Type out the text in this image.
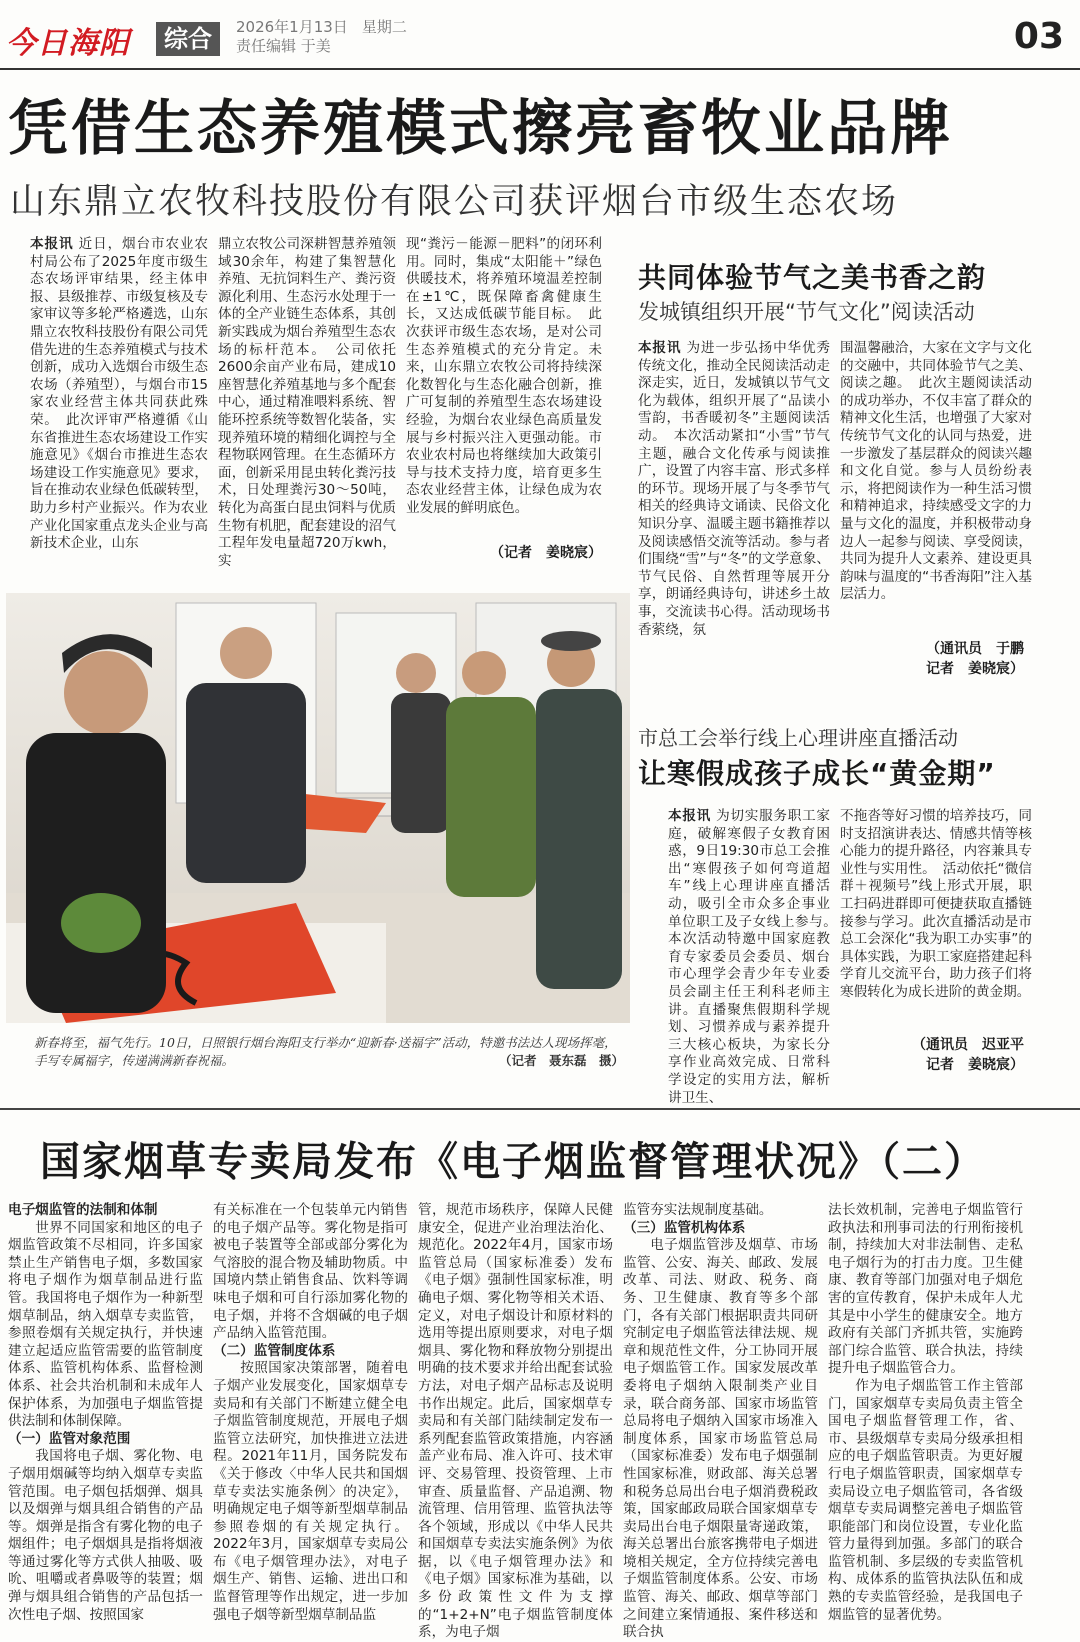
今日海阳	综合	2026年1月13日 星期二
责任编辑 于美	03
凭借生态养殖模式擦亮畜牧业品牌
山东鼎立农牧科技股份有限公司获评烟台市级生态农场
本报讯 近日，烟台市农业农村局公布了2025年度市级生态农场评审结果，经主体申报、县级推荐、市级复核及专家审议等多轮严格遴选，山东鼎立农牧科技股份有限公司凭借先进的生态养殖模式与技术创新，成功入选烟台市级生态农场（养殖型），与烟台市15家农业经营主体共同获此殊荣。　此次评审严格遵循《山东省推进生态农场建设工作实施意见》《烟台市推进生态农场建设工作实施意见》要求，旨在推动农业绿色低碳转型，助力乡村产业振兴。作为农业产业化国家重点龙头企业与高新技术企业，山东
鼎立农牧公司深耕智慧养殖领域30余年，构建了集智慧化养殖、无抗饲料生产、粪污资源化利用、生态污水处理于一体的全产业链生态体系，其创新实践成为烟台养殖型生态农场的标杆范本。　公司依托2600余亩产业布局，建成10座智慧化养殖基地与多个配套中心，通过精准喂料系统、智能环控系统等数智化装备，实现养殖环境的精细化调控与全程物联网管理。在生态循环方面，创新采用昆虫转化粪污技术，日处理粪污30～50吨，转化为高蛋白昆虫饲料与优质生物有机肥，配套建设的沼气工程年发电量超720万kwh，实
现“粪污－能源－肥料”的闭环利用。同时，集成“太阳能＋”绿色供暖技术，将养殖环境温差控制在±1℃，既保障畜禽健康生长，又达成低碳节能目标。　此次获评市级生态农场，是对公司生态养殖模式的充分肯定。未来，山东鼎立农牧公司将持续深化数智化与生态化融合创新，推广可复制的养殖型生态农场建设经验，为烟台农业绿色高质量发展与乡村振兴注入更强动能。市农业农村局也将继续加大政策引导与技术支持力度，培育更多生态农业经营主体，让绿色成为农业发展的鲜明底色。
（记者　姜晓宸）
共同体验节气之美书香之韵
发城镇组织开展“节气文化”阅读活动
本报讯 为进一步弘扬中华优秀传统文化，推动全民阅读活动走深走实，近日，发城镇以节气文化为载体，组织开展了“品读小雪韵，书香暖初冬”主题阅读活动。　本次活动紧扣“小雪”节气主题，融合文化传承与阅读推广，设置了内容丰富、形式多样的环节。现场开展了与冬季节气相关的经典诗文诵读、民俗文化知识分享、温暖主题书籍推荐以及阅读感悟交流等活动。参与者们围绕“雪”与“冬”的文学意象、节气民俗、自然哲理等展开分享，朗诵经典诗句，讲述乡土故事，交流读书心得。活动现场书香萦绕，氛
围温馨融洽，大家在文字与文化的交融中，共同体验节气之美、阅读之趣。　此次主题阅读活动的成功举办，不仅丰富了群众的精神文化生活，也增强了大家对传统节气文化的认同与热爱，进一步激发了基层群众的阅读兴趣和文化自觉。参与人员纷纷表示，将把阅读作为一种生活习惯和精神追求，持续感受文字的力量与文化的温度，并积极带动身边人一起参与阅读、享受阅读，共同为提升人文素养、建设更具韵味与温度的“书香海阳”注入基层活力。
（通讯员　于鹏
记者　姜晓宸）
市总工会举行线上心理讲座直播活动
让寒假成孩子成长“黄金期”
本报讯 为切实服务职工家庭，破解寒假子女教育困惑，9日19:30市总工会推出“寒假孩子如何弯道超车”线上心理讲座直播活动，吸引全市众多企事业单位职工及子女线上参与。　本次活动特邀中国家庭教育专家委员会委员、烟台市心理学会青少年专业委员会副主任王利科老师主讲。直播聚焦假期科学规划、习惯养成与素养提升三大核心板块，为家长分享作业高效完成、日常科学设定的实用方法，解析讲卫生、
不拖沓等好习惯的培养技巧，同时支招演讲表达、情感共情等核心能力的提升路径，内容兼具专业性与实用性。　活动依托“微信群＋视频号”线上形式开展，职工扫码进群即可便捷获取直播链接参与学习。此次直播活动是市总工会深化“我为职工办实事”的具体实践，为职工家庭搭建起科学育儿交流平台，助力孩子们将寒假转化为成长进阶的黄金期。
（通讯员　迟亚平
记者　姜晓宸）
新春将至，福气先行。10日，日照银行烟台海阳支行举办“迎新春·送福字”活动，特邀书法达人现场挥毫，手写专属福字，传递满满新春祝福。	（记者　聂东磊　摄）
国家烟草专卖局发布《电子烟监督管理状况》（二）
电子烟监管的法制和体制
世界不同国家和地区的电子烟监管政策不尽相同，许多国家禁止生产销售电子烟，多数国家将电子烟作为烟草制品进行监管。我国将电子烟作为一种新型烟草制品，纳入烟草专卖监管，参照卷烟有关规定执行，并快速建立起适应监管需要的监管制度体系、监管机构体系、监督检测体系、社会共治机制和未成年人保护体系，为加强电子烟监管提供法制和体制保障。
（一）监管对象范围
我国将电子烟、雾化物、电子烟用烟碱等均纳入烟草专卖监管范围。电子烟包括烟弹、烟具以及烟弹与烟具组合销售的产品等。烟弹是指含有雾化物的电子烟组件；电子烟烟具是指将烟液等通过雾化等方式供人抽吸、吸吮、咀嚼或者鼻吸等的装置；烟弹与烟具组合销售的产品包括一次性电子烟、按照国家
有关标准在一个包装单元内销售的电子烟产品等。雾化物是指可被电子装置等全部或部分雾化为气溶胶的混合物及辅助物质。中国境内禁止销售食品、饮料等调味电子烟和可自行添加雾化物的电子烟，并将不含烟碱的电子烟产品纳入监管范围。
（二）监管制度体系
按照国家决策部署，随着电子烟产业发展变化，国家烟草专卖局和有关部门不断建立健全电子烟监管制度规范，开展电子烟监管立法研究，加快推进立法进程。2021年11月，国务院发布《关于修改〈中华人民共和国烟草专卖法实施条例〉的决定》，明确规定电子烟等新型烟草制品参照卷烟的有关规定执行。2022年3月，国家烟草专卖局公布《电子烟管理办法》，对电子烟生产、销售、运输、进出口和监督管理等作出规定，进一步加强电子烟等新型烟草制品监
管，规范市场秩序，保障人民健康安全，促进产业治理法治化、规范化。2022年4月，国家市场监管总局（国家标准委）发布《电子烟》强制性国家标准，明确电子烟、雾化物等相关术语、定义，对电子烟设计和原材料的选用等提出原则要求，对电子烟烟具、雾化物和释放物分别提出明确的技术要求并给出配套试验方法，对电子烟产品标志及说明书作出规定。此后，国家烟草专卖局和有关部门陆续制定发布一系列配套监管政策措施，内容涵盖产业布局、准入许可、技术审评、交易管理、投资管理、上市审查、质量监督、产品追溯、物流管理、信用管理、监管执法等各个领域，形成以《中华人民共和国烟草专卖法实施条例》为依据，以《电子烟管理办法》和《电子烟》国家标准为基础，以多份政策性文件为支撑的“1+2+N”电子烟监管制度体系，为电子烟
监管夯实法规制度基础。
（三）监管机构体系
电子烟监管涉及烟草、市场监管、公安、海关、邮政、发展改革、司法、财政、税务、商务、卫生健康、教育等多个部门，各有关部门根据职责共同研究制定电子烟监管法律法规、规章和规范性文件，分工协同开展电子烟监管工作。国家发展改革委将电子烟纳入限制类产业目录，联合商务部、国家市场监管总局将电子烟纳入国家市场准入制度体系，国家市场监管总局（国家标准委）发布电子烟强制性国家标准，财政部、海关总署和税务总局出台电子烟消费税政策，国家邮政局联合国家烟草专卖局出台电子烟限量寄递政策，海关总署出台旅客携带电子烟进境相关规定，全方位持续完善电子烟监管制度体系。公安、市场监管、海关、邮政、烟草等部门之间建立案情通报、案件移送和联合执
法长效机制，完善电子烟监管行政执法和刑事司法的行刑衔接机制，持续加大对非法制售、走私电子烟行为的打击力度。卫生健康、教育等部门加强对电子烟危害的宣传教育，保护未成年人尤其是中小学生的健康安全。地方政府有关部门齐抓共管，实施跨部门综合监管、联合执法，持续提升电子烟监管合力。
作为电子烟监管工作主管部门，国家烟草专卖局负责主管全国电子烟监督管理工作，省、市、县级烟草专卖局分级承担相应的电子烟监管职责。为更好履行电子烟监管职责，国家烟草专卖局设立电子烟监管司，各省级烟草专卖局调整完善电子烟监管职能部门和岗位设置，专业化监管力量得到加强。多部门的联合监管机制、多层级的专卖监管机构、成体系的监管执法队伍和成熟的专卖监管经验，是我国电子烟监管的显著优势。
